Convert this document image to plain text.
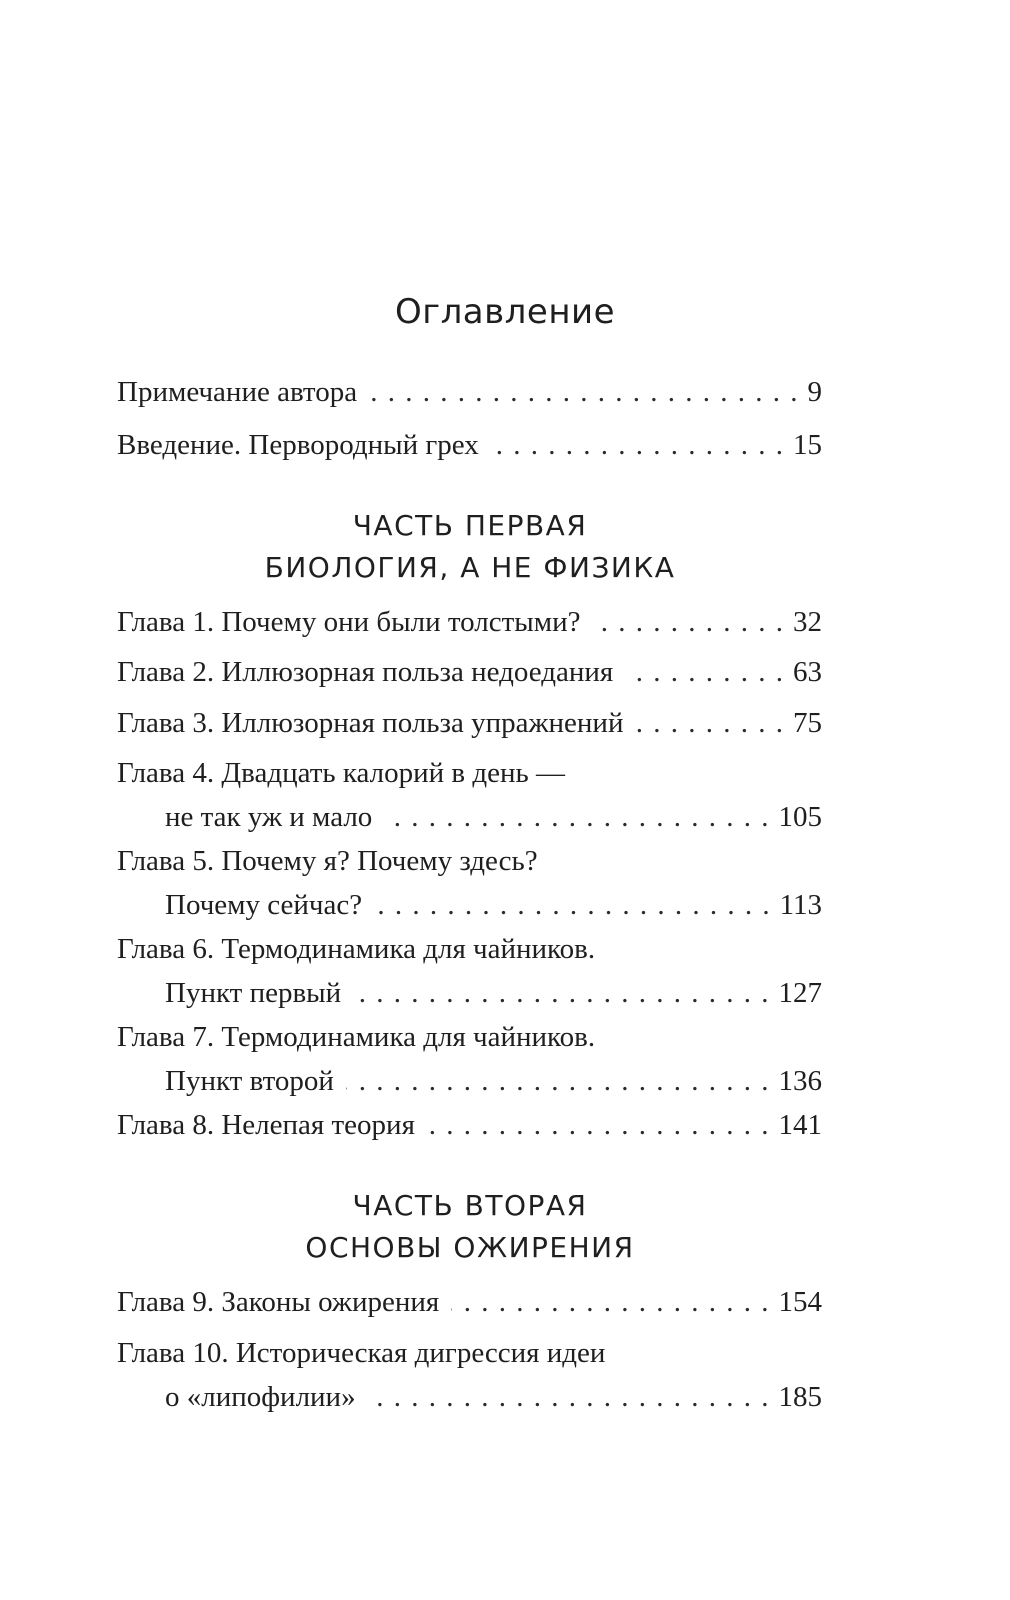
Оглавление
Примечание автора . . .	9
Введение. Первородный грех . . .	15
ЧАСТЬ ПЕРВАЯ
БИОЛОГИЯ, А НЕ ФИЗИКА
Глава 1. Почему они были толстыми? . . .	32
Глава 2. Иллюзорная польза недоедания . . .	63
Глава 3. Иллюзорная польза упражнений . . .	75
Глава 4. Двадцать калорий в день —
не так уж и мало . . .	105
Глава 5. Почему я? Почему здесь?
Почему сейчас? . . .	113
Глава 6. Термодинамика для чайников.
Пункт первый . . .	127
Глава 7. Термодинамика для чайников.
Пункт второй . . .	136
Глава 8. Нелепая теория . . .	141
ЧАСТЬ ВТОРАЯ
ОСНОВЫ ОЖИРЕНИЯ
Глава 9. Законы ожирения . . .	154
Глава 10. Историческая дигрессия идеи
о «липофилии» . . .	185
